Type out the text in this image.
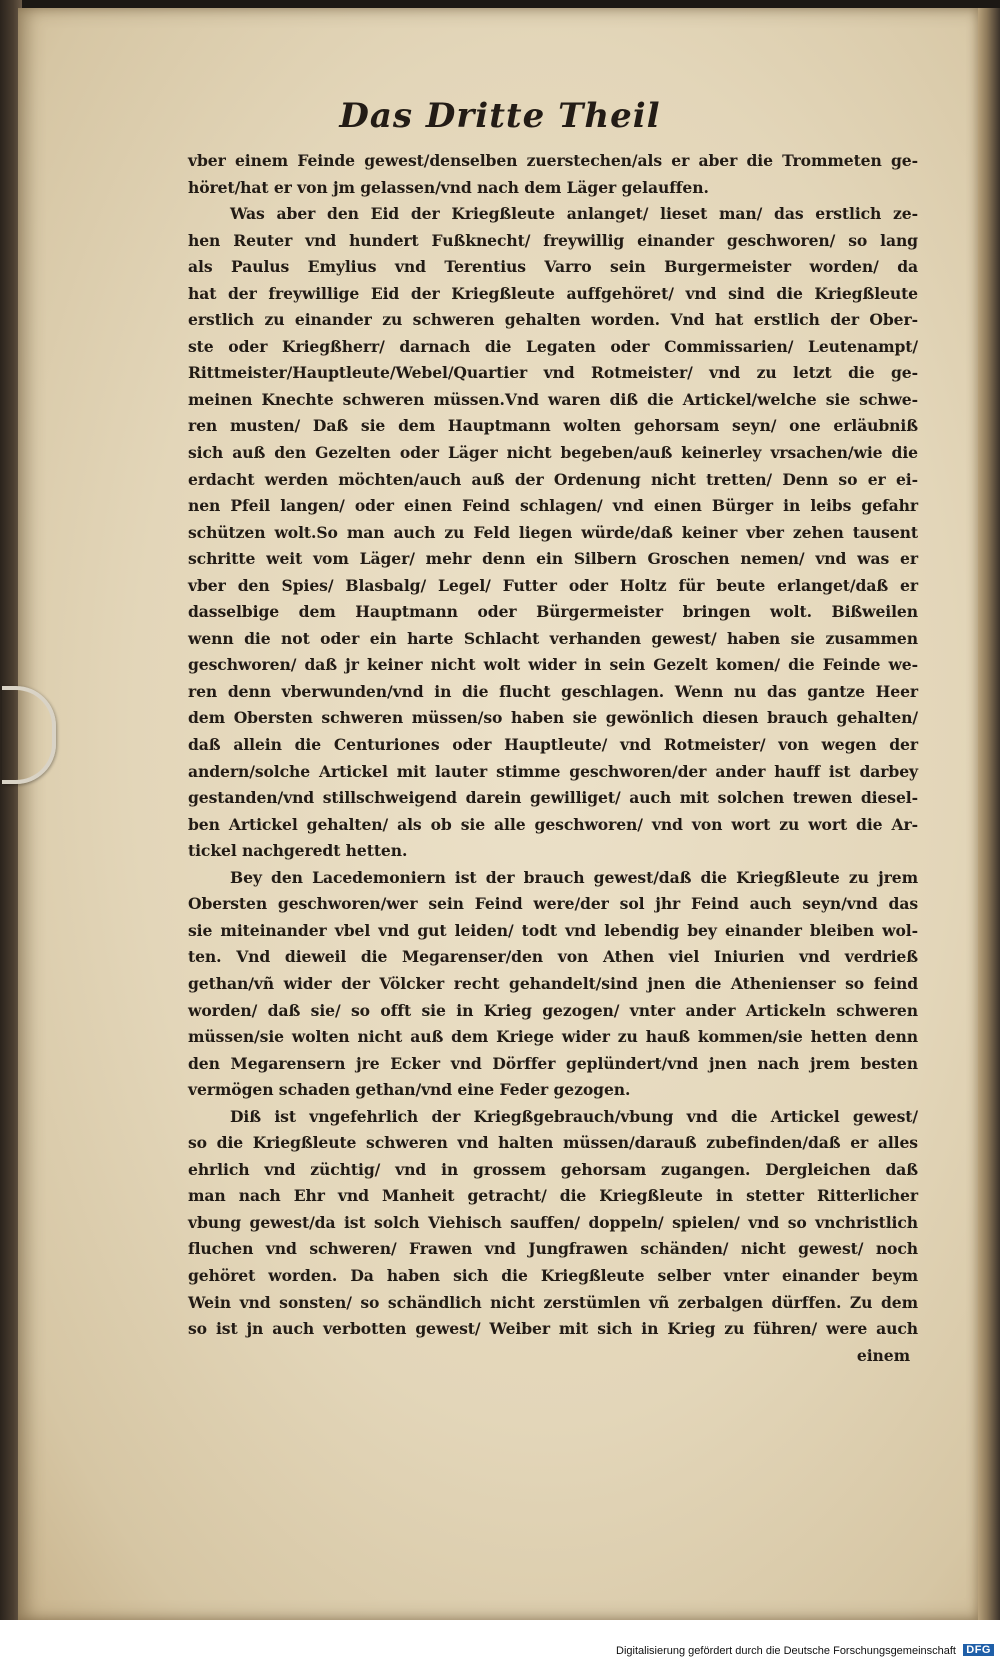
Das Dritte Theil
vber einem Feinde gewest/denselben zuerstechen/als er aber die Trommeten ge-
höret/hat er von jm gelassen/vnd nach dem Läger gelauffen.
Was aber den Eid der Kriegßleute anlanget/ lieset man/ das erstlich ze-
hen Reuter vnd hundert Fußknecht/ freywillig einander geschworen/ so lang
als Paulus Emylius vnd Terentius Varro sein Burgermeister worden/ da
hat der freywillige Eid der Kriegßleute auffgehöret/ vnd sind die Kriegßleute
erstlich zu einander zu schweren gehalten worden. Vnd hat erstlich der Ober-
ste oder Kriegßherr/ darnach die Legaten oder Commissarien/ Leutenampt/
Rittmeister/Hauptleute/Webel/Quartier vnd Rotmeister/ vnd zu letzt die ge-
meinen Knechte schweren müssen.Vnd waren diß die Artickel/welche sie schwe-
ren musten/ Daß sie dem Hauptmann wolten gehorsam seyn/ one erläubniß
sich auß den Gezelten oder Läger nicht begeben/auß keinerley vrsachen/wie die
erdacht werden möchten/auch auß der Ordenung nicht tretten/ Denn so er ei-
nen Pfeil langen/ oder einen Feind schlagen/ vnd einen Bürger in leibs gefahr
schützen wolt.So man auch zu Feld liegen würde/daß keiner vber zehen tausent
schritte weit vom Läger/ mehr denn ein Silbern Groschen nemen/ vnd was er
vber den Spies/ Blasbalg/ Legel/ Futter oder Holtz für beute erlanget/daß er
dasselbige dem Hauptmann oder Bürgermeister bringen wolt. Bißweilen
wenn die not oder ein harte Schlacht verhanden gewest/ haben sie zusammen
geschworen/ daß jr keiner nicht wolt wider in sein Gezelt komen/ die Feinde we-
ren denn vberwunden/vnd in die flucht geschlagen. Wenn nu das gantze Heer
dem Obersten schweren müssen/so haben sie gewönlich diesen brauch gehalten/
daß allein die Centuriones oder Hauptleute/ vnd Rotmeister/ von wegen der
andern/solche Artickel mit lauter stimme geschworen/der ander hauff ist darbey
gestanden/vnd stillschweigend darein gewilliget/ auch mit solchen trewen diesel-
ben Artickel gehalten/ als ob sie alle geschworen/ vnd von wort zu wort die Ar-
tickel nachgeredt hetten.
Bey den Lacedemoniern ist der brauch gewest/daß die Kriegßleute zu jrem
Obersten geschworen/wer sein Feind were/der sol jhr Feind auch seyn/vnd das
sie miteinander vbel vnd gut leiden/ todt vnd lebendig bey einander bleiben wol-
ten. Vnd dieweil die Megarenser/den von Athen viel Iniurien vnd verdrieß
gethan/vñ wider der Völcker recht gehandelt/sind jnen die Athenienser so feind
worden/ daß sie/ so offt sie in Krieg gezogen/ vnter ander Artickeln schweren
müssen/sie wolten nicht auß dem Kriege wider zu hauß kommen/sie hetten denn
den Megarensern jre Ecker vnd Dörffer geplündert/vnd jnen nach jrem besten
vermögen schaden gethan/vnd eine Feder gezogen.
Diß ist vngefehrlich der Kriegßgebrauch/vbung vnd die Artickel gewest/
so die Kriegßleute schweren vnd halten müssen/darauß zubefinden/daß er alles
ehrlich vnd züchtig/ vnd in grossem gehorsam zugangen. Dergleichen daß
man nach Ehr vnd Manheit getracht/ die Kriegßleute in stetter Ritterlicher
vbung gewest/da ist solch Viehisch sauffen/ doppeln/ spielen/ vnd so vnchristlich
fluchen vnd schweren/ Frawen vnd Jungfrawen schänden/ nicht gewest/ noch
gehöret worden. Da haben sich die Kriegßleute selber vnter einander beym
Wein vnd sonsten/ so schändlich nicht zerstümlen vñ zerbalgen dürffen. Zu dem
so ist jn auch verbotten gewest/ Weiber mit sich in Krieg zu führen/ were auch
einem
Digitalisierung gefördert durch die Deutsche Forschungsgemeinschaft DFG
